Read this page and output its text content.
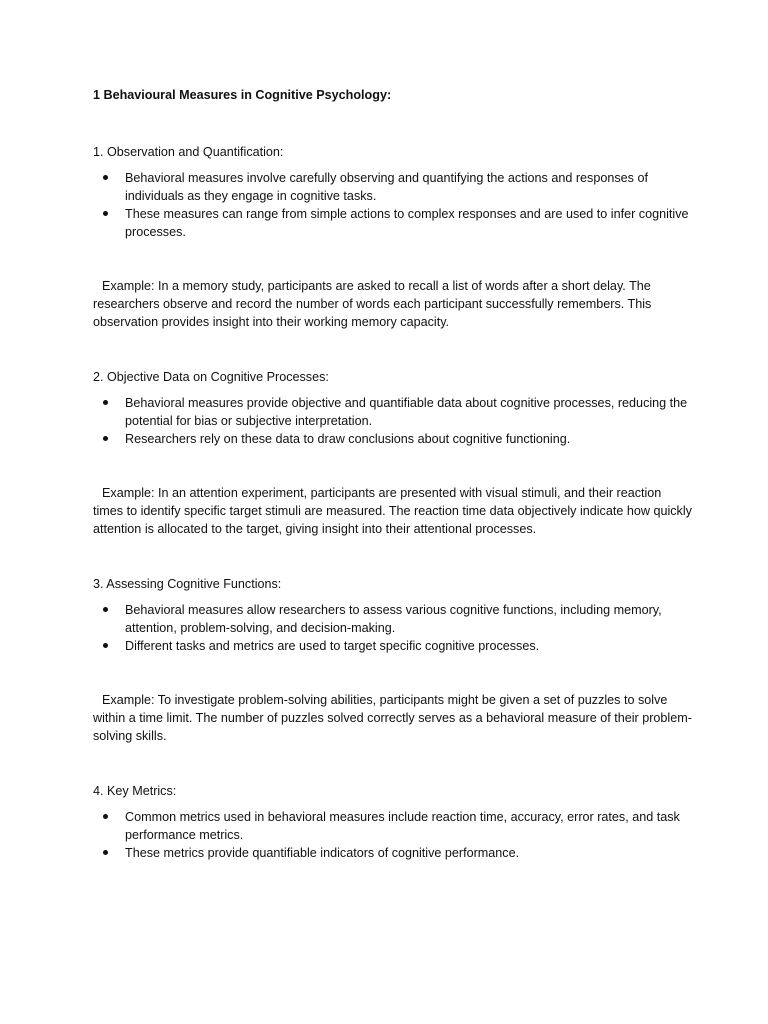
1 Behavioural Measures in Cognitive Psychology:

1. Observation and Quantification:

Behavioral measures involve carefully observing and quantifying the actions and responses of individuals as they engage in cognitive tasks.
These measures can range from simple actions to complex responses and are used to infer cognitive processes.

Example: In a memory study, participants are asked to recall a list of words after a short delay. The researchers observe and record the number of words each participant successfully remembers. This observation provides insight into their working memory capacity.

2. Objective Data on Cognitive Processes:

Behavioral measures provide objective and quantifiable data about cognitive processes, reducing the potential for bias or subjective interpretation.
Researchers rely on these data to draw conclusions about cognitive functioning.

Example: In an attention experiment, participants are presented with visual stimuli, and their reaction times to identify specific target stimuli are measured. The reaction time data objectively indicate how quickly attention is allocated to the target, giving insight into their attentional processes.

3. Assessing Cognitive Functions:

Behavioral measures allow researchers to assess various cognitive functions, including memory, attention, problem-solving, and decision-making.
Different tasks and metrics are used to target specific cognitive processes.

Example: To investigate problem-solving abilities, participants might be given a set of puzzles to solve within a time limit. The number of puzzles solved correctly serves as a behavioral measure of their problem-solving skills.

4. Key Metrics:

Common metrics used in behavioral measures include reaction time, accuracy, error rates, and task performance metrics.
These metrics provide quantifiable indicators of cognitive performance.
